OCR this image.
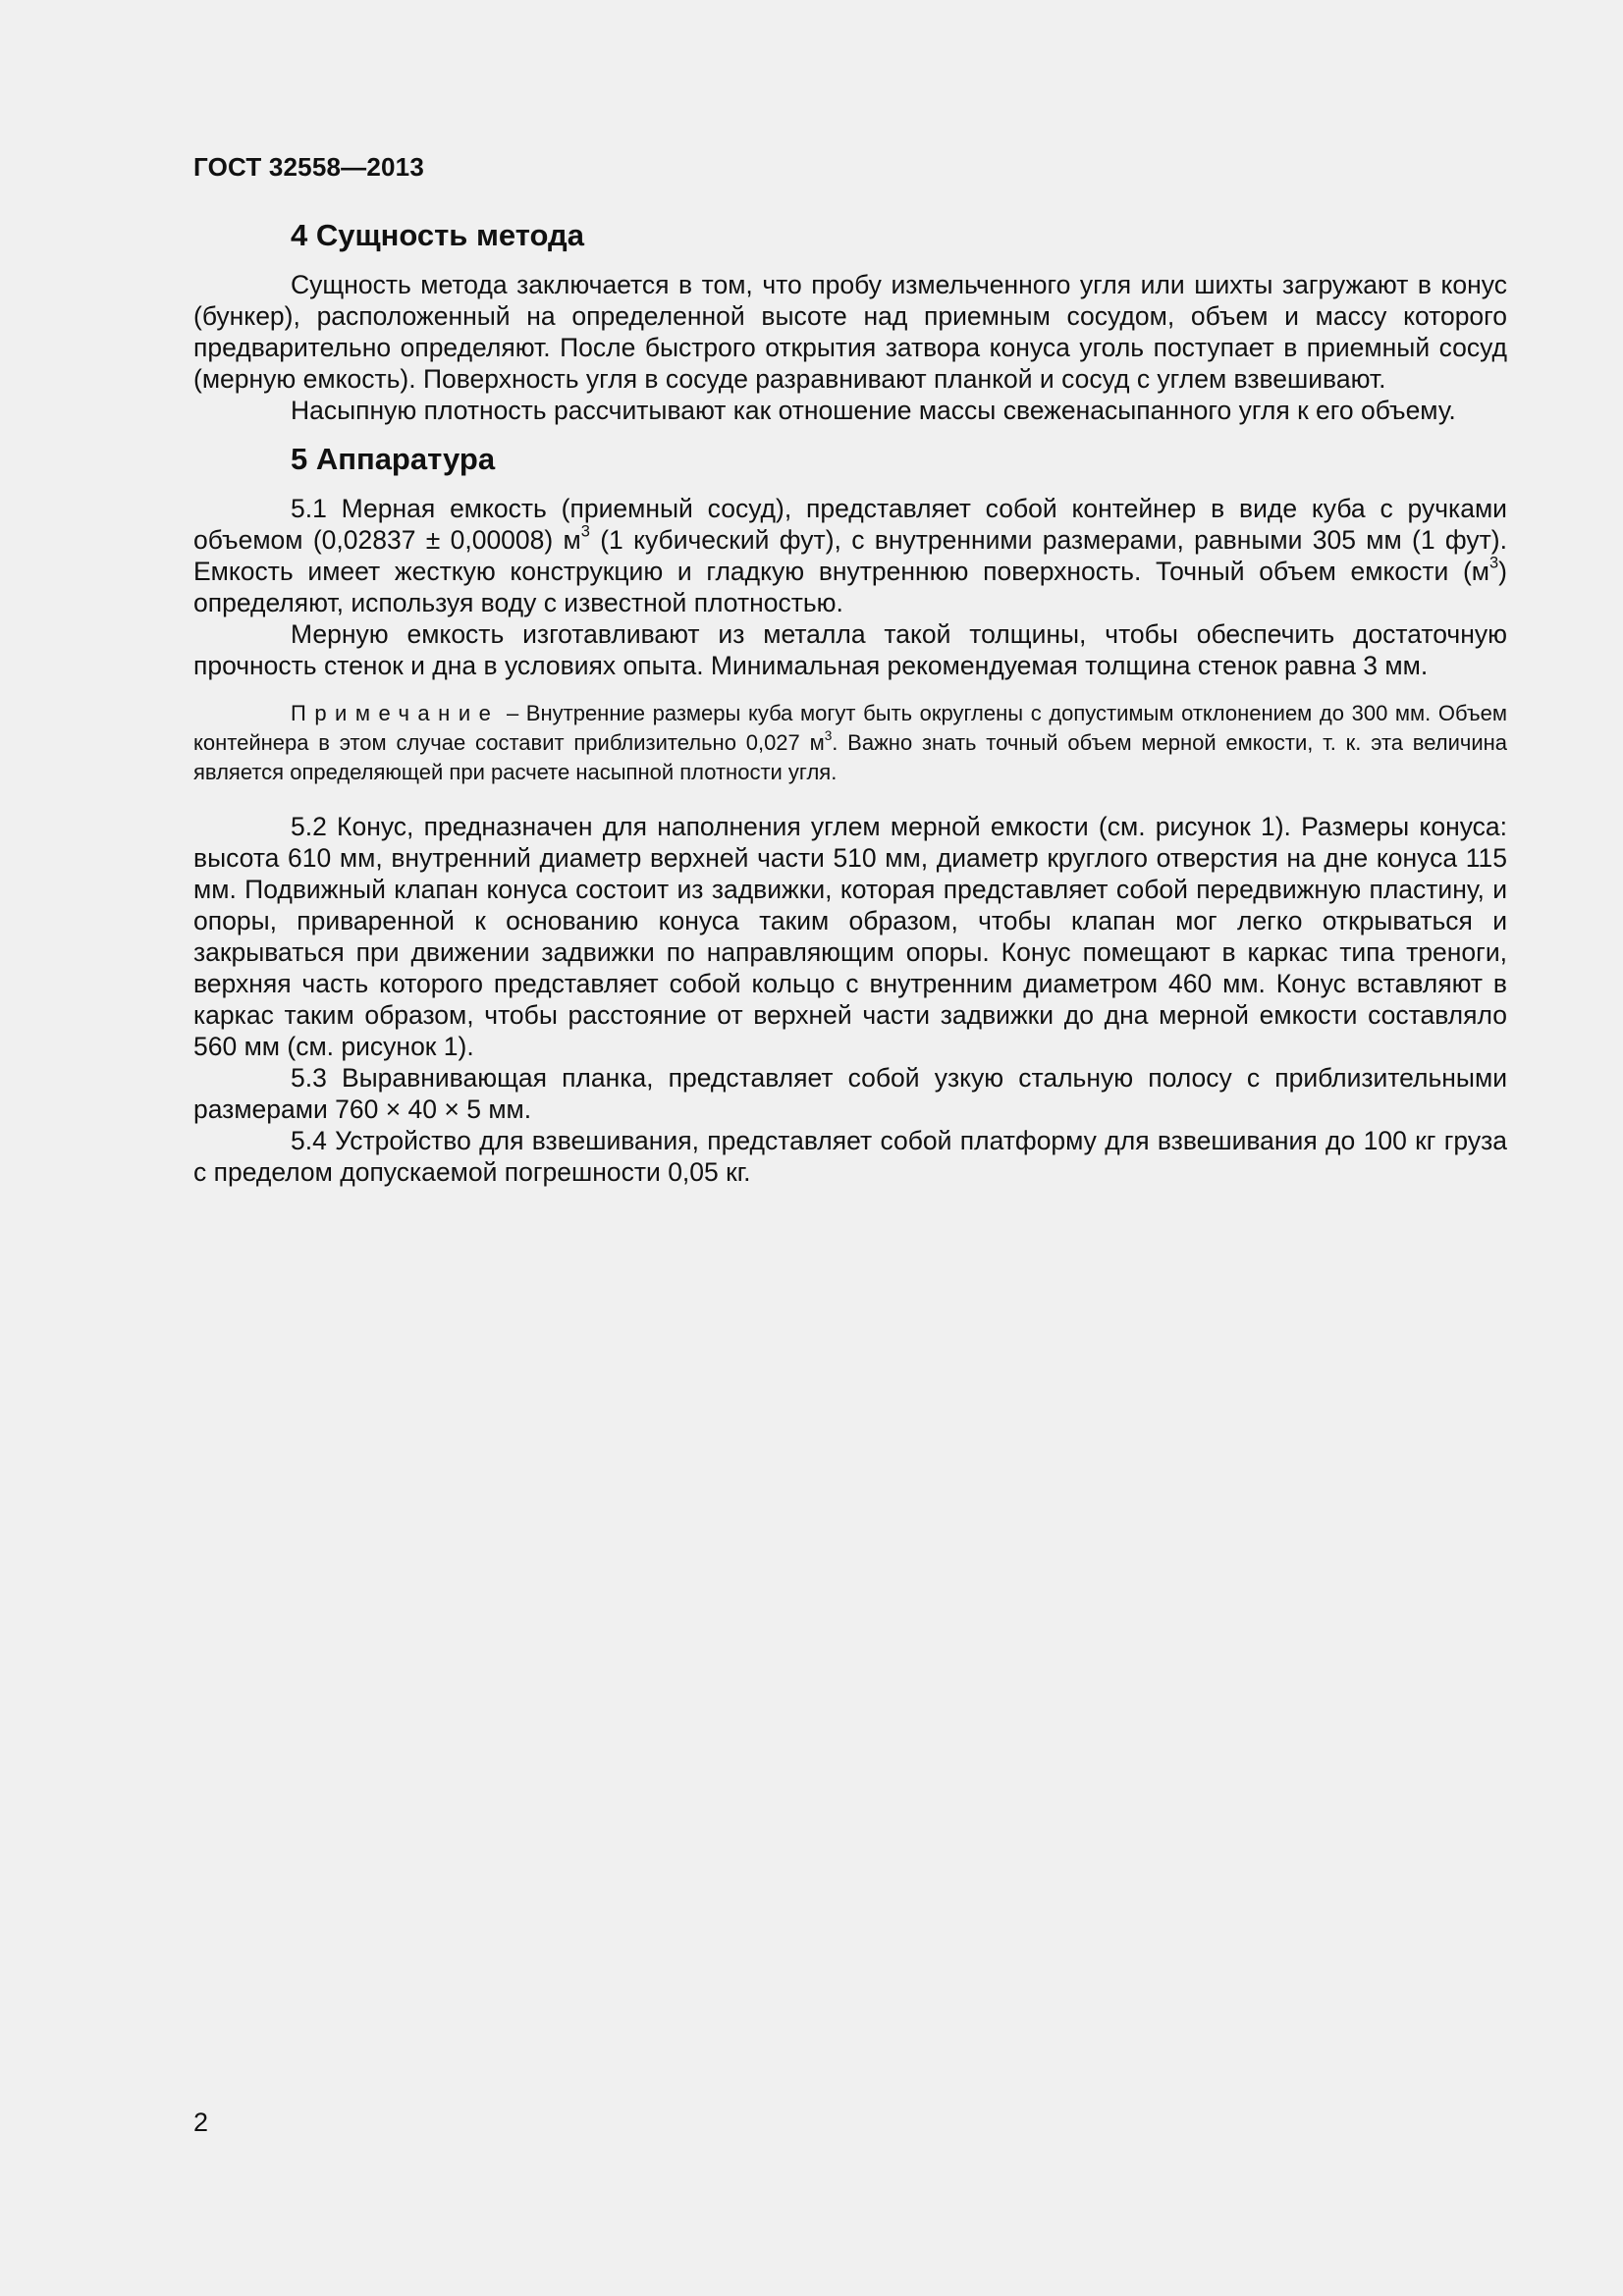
ГОСТ 32558—2013
4 Сущность метода

Сущность метода заключается в том, что пробу измельченного угля или шихты загружают в конус (бункер), расположенный на определенной высоте над приемным сосудом, объем и массу которого предварительно определяют. После быстрого открытия затвора конуса уголь поступает в приемный сосуд (мерную емкость). Поверхность угля в сосуде разравнивают планкой и сосуд с углем взвешивают.

Насыпную плотность рассчитывают как отношение массы свеженасыпанного угля к его объему.

5 Аппаратура

5.1 Мерная емкость (приемный сосуд), представляет собой контейнер в виде куба с ручками объемом (0,02837 ± 0,00008) $м^3$ (1 кубический фут), с внутренними размерами, равными 305 мм (1 фут). Емкость имеет жесткую конструкцию и гладкую внутреннюю поверхность. Точный объем емкости $(м^3)$ определяют, используя воду с известной плотностью.

Мерную емкость изготавливают из металла такой толщины, чтобы обеспечить достаточную прочность стенок и дна в условиях опыта. Минимальная рекомендуемая толщина стенок равна 3 мм.

Примечание – Внутренние размеры куба могут быть округлены с допустимым отклонением до 300 мм. Объем контейнера в этом случае составит приблизительно 0,027 $м^3$. Важно знать точный объем мерной емкости, т. к. эта величина является определяющей при расчете насыпной плотности угля.

5.2 Конус, предназначен для наполнения углем мерной емкости (см. рисунок 1). Размеры конуса: высота 610 мм, внутренний диаметр верхней части 510 мм, диаметр круглого отверстия на дне конуса 115 мм. Подвижный клапан конуса состоит из задвижки, которая представляет собой передвижную пластину, и опоры, приваренной к основанию конуса таким образом, чтобы клапан мог легко открываться и закрываться при движении задвижки по направляющим опоры. Конус помещают в каркас типа треноги, верхняя часть которого представляет собой кольцо с внутренним диаметром 460 мм. Конус вставляют в каркас таким образом, чтобы расстояние от верхней части задвижки до дна мерной емкости составляло 560 мм (см. рисунок 1).

5.3 Выравнивающая планка, представляет собой узкую стальную полосу с приблизительными размерами 760 × 40 × 5 мм.

5.4 Устройство для взвешивания, представляет собой платформу для взвешивания до 100 кг груза с пределом допускаемой погрешности 0,05 кг.

2
